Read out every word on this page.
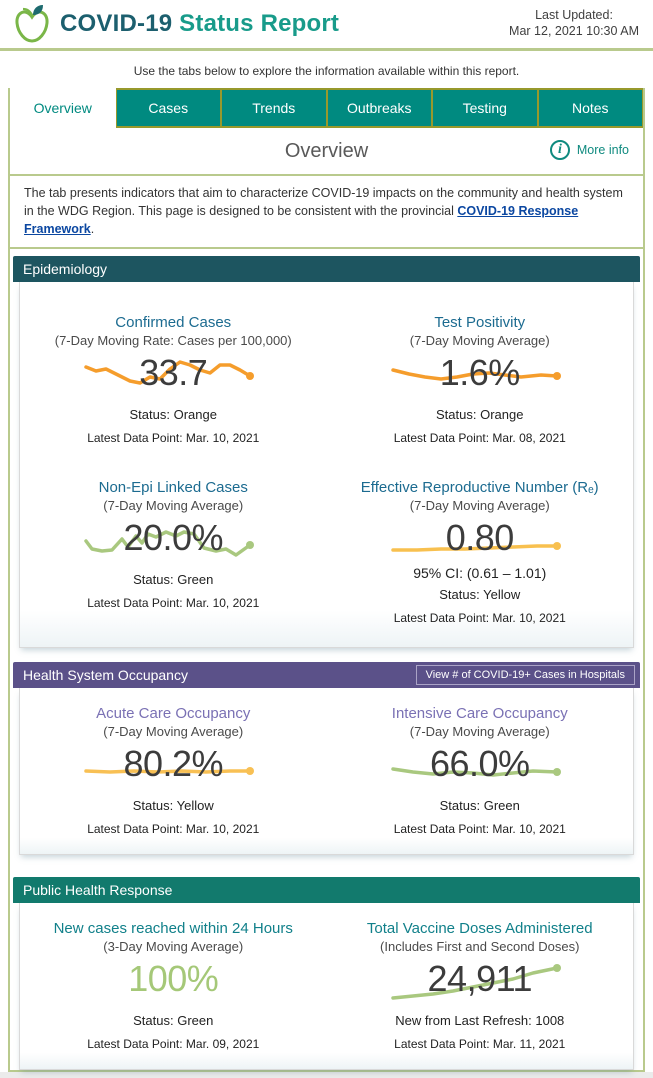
COVID-19 Status Report	Last Updated:
Mar 12, 2021 10:30 AM
Use the tabs below to explore the information available within this report.
Overview	Cases	Trends	Outbreaks	Testing	Notes
Overview	i	More info
The tab presents indicators that aim to characterize COVID-19 impacts on the community and health system in the WDG Region. This page is designed to be consistent with the provincial COVID-19 Response Framework.
Epidemiology
Confirmed Cases
(7-Day Moving Rate: Cases per 100,000)
33.7
Status: Orange
Latest Data Point: Mar. 10, 2021
Test Positivity
(7-Day Moving Average)
1.6%
Status: Orange
Latest Data Point: Mar. 08, 2021
Non-Epi Linked Cases
(7-Day Moving Average)
20.0%
Status: Green
Latest Data Point: Mar. 10, 2021
Effective Reproductive Number (Rₑ)
(7-Day Moving Average)
0.80
95% CI: (0.61 – 1.01)
Status: Yellow
Latest Data Point: Mar. 10, 2021
Health System Occupancy	View # of COVID-19+ Cases in Hospitals
Acute Care Occupancy
(7-Day Moving Average)
80.2%
Status: Yellow
Latest Data Point: Mar. 10, 2021
Intensive Care Occupancy
(7-Day Moving Average)
66.0%
Status: Green
Latest Data Point: Mar. 10, 2021
Public Health Response
New cases reached within 24 Hours
(3-Day Moving Average)
100%
Status: Green
Latest Data Point: Mar. 09, 2021
Total Vaccine Doses Administered
(Includes First and Second Doses)
24,911
New from Last Refresh: 1008
Latest Data Point: Mar. 11, 2021
